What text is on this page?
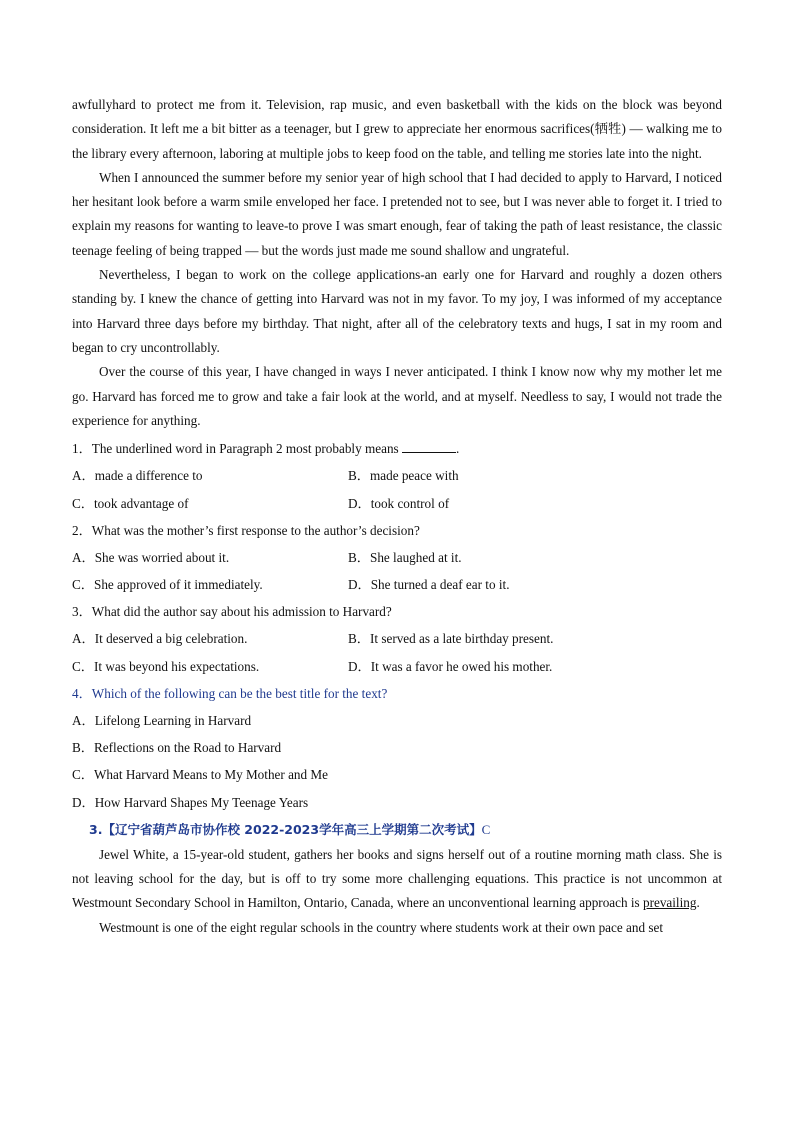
awfullyhard to protect me from it. Television, rap music, and even basketball with the kids on the block was beyond consideration. It left me a bit bitter as a teenager, but I grew to appreciate her enormous sacrifices(牺牲) — walking me to the library every afternoon, laboring at multiple jobs to keep food on the table, and telling me stories late into the night.

When I announced the summer before my senior year of high school that I had decided to apply to Harvard, I noticed her hesitant look before a warm smile enveloped her face. I pretended not to see, but I was never able to forget it. I tried to explain my reasons for wanting to leave-to prove I was smart enough, fear of taking the path of least resistance, the classic teenage feeling of being trapped — but the words just made me sound shallow and ungrateful.

Nevertheless, I began to work on the college applications-an early one for Harvard and roughly a dozen others standing by. I knew the chance of getting into Harvard was not in my favor. To my joy, I was informed of my acceptance into Harvard three days before my birthday. That night, after all of the celebratory texts and hugs, I sat in my room and began to cry uncontrollably.

Over the course of this year, I have changed in ways I never anticipated. I think I know now why my mother let me go. Harvard has forced me to grow and take a fair look at the world, and at myself. Needless to say, I would not trade the experience for anything.

1．The underlined word in Paragraph 2 most probably means	.

A．made a difference to	B．made peace with
C．took advantage of	D．took control of

2．What was the mother’s first response to the author’s decision?

A．She was worried about it.	B．She laughed at it.
C．She approved of it immediately.	D．She turned a deaf ear to it.

3．What did the author say about his admission to Harvard?

A．It deserved a big celebration.	B．It served as a late birthday present.
C．It was beyond his expectations.	D．It was a favor he owed his mother.

4．Which of the following can be the best title for the text?

A．Lifelong Learning in Harvard

B．Reflections on the Road to Harvard

C．What Harvard Means to My Mother and Me

D．How Harvard Shapes My Teenage Years

3.【辽宁省葫芦岛市协作校 2022-2023学年高三上学期第二次考试】C

Jewel White, a 15-year-old student, gathers her books and signs herself out of a routine morning math class. She is not leaving school for the day, but is off to try some more challenging equations. This practice is not uncommon at Westmount Secondary School in Hamilton, Ontario, Canada, where an unconventional learning approach is prevailing.

Westmount is one of the eight regular schools in the country where students work at their own pace and set
